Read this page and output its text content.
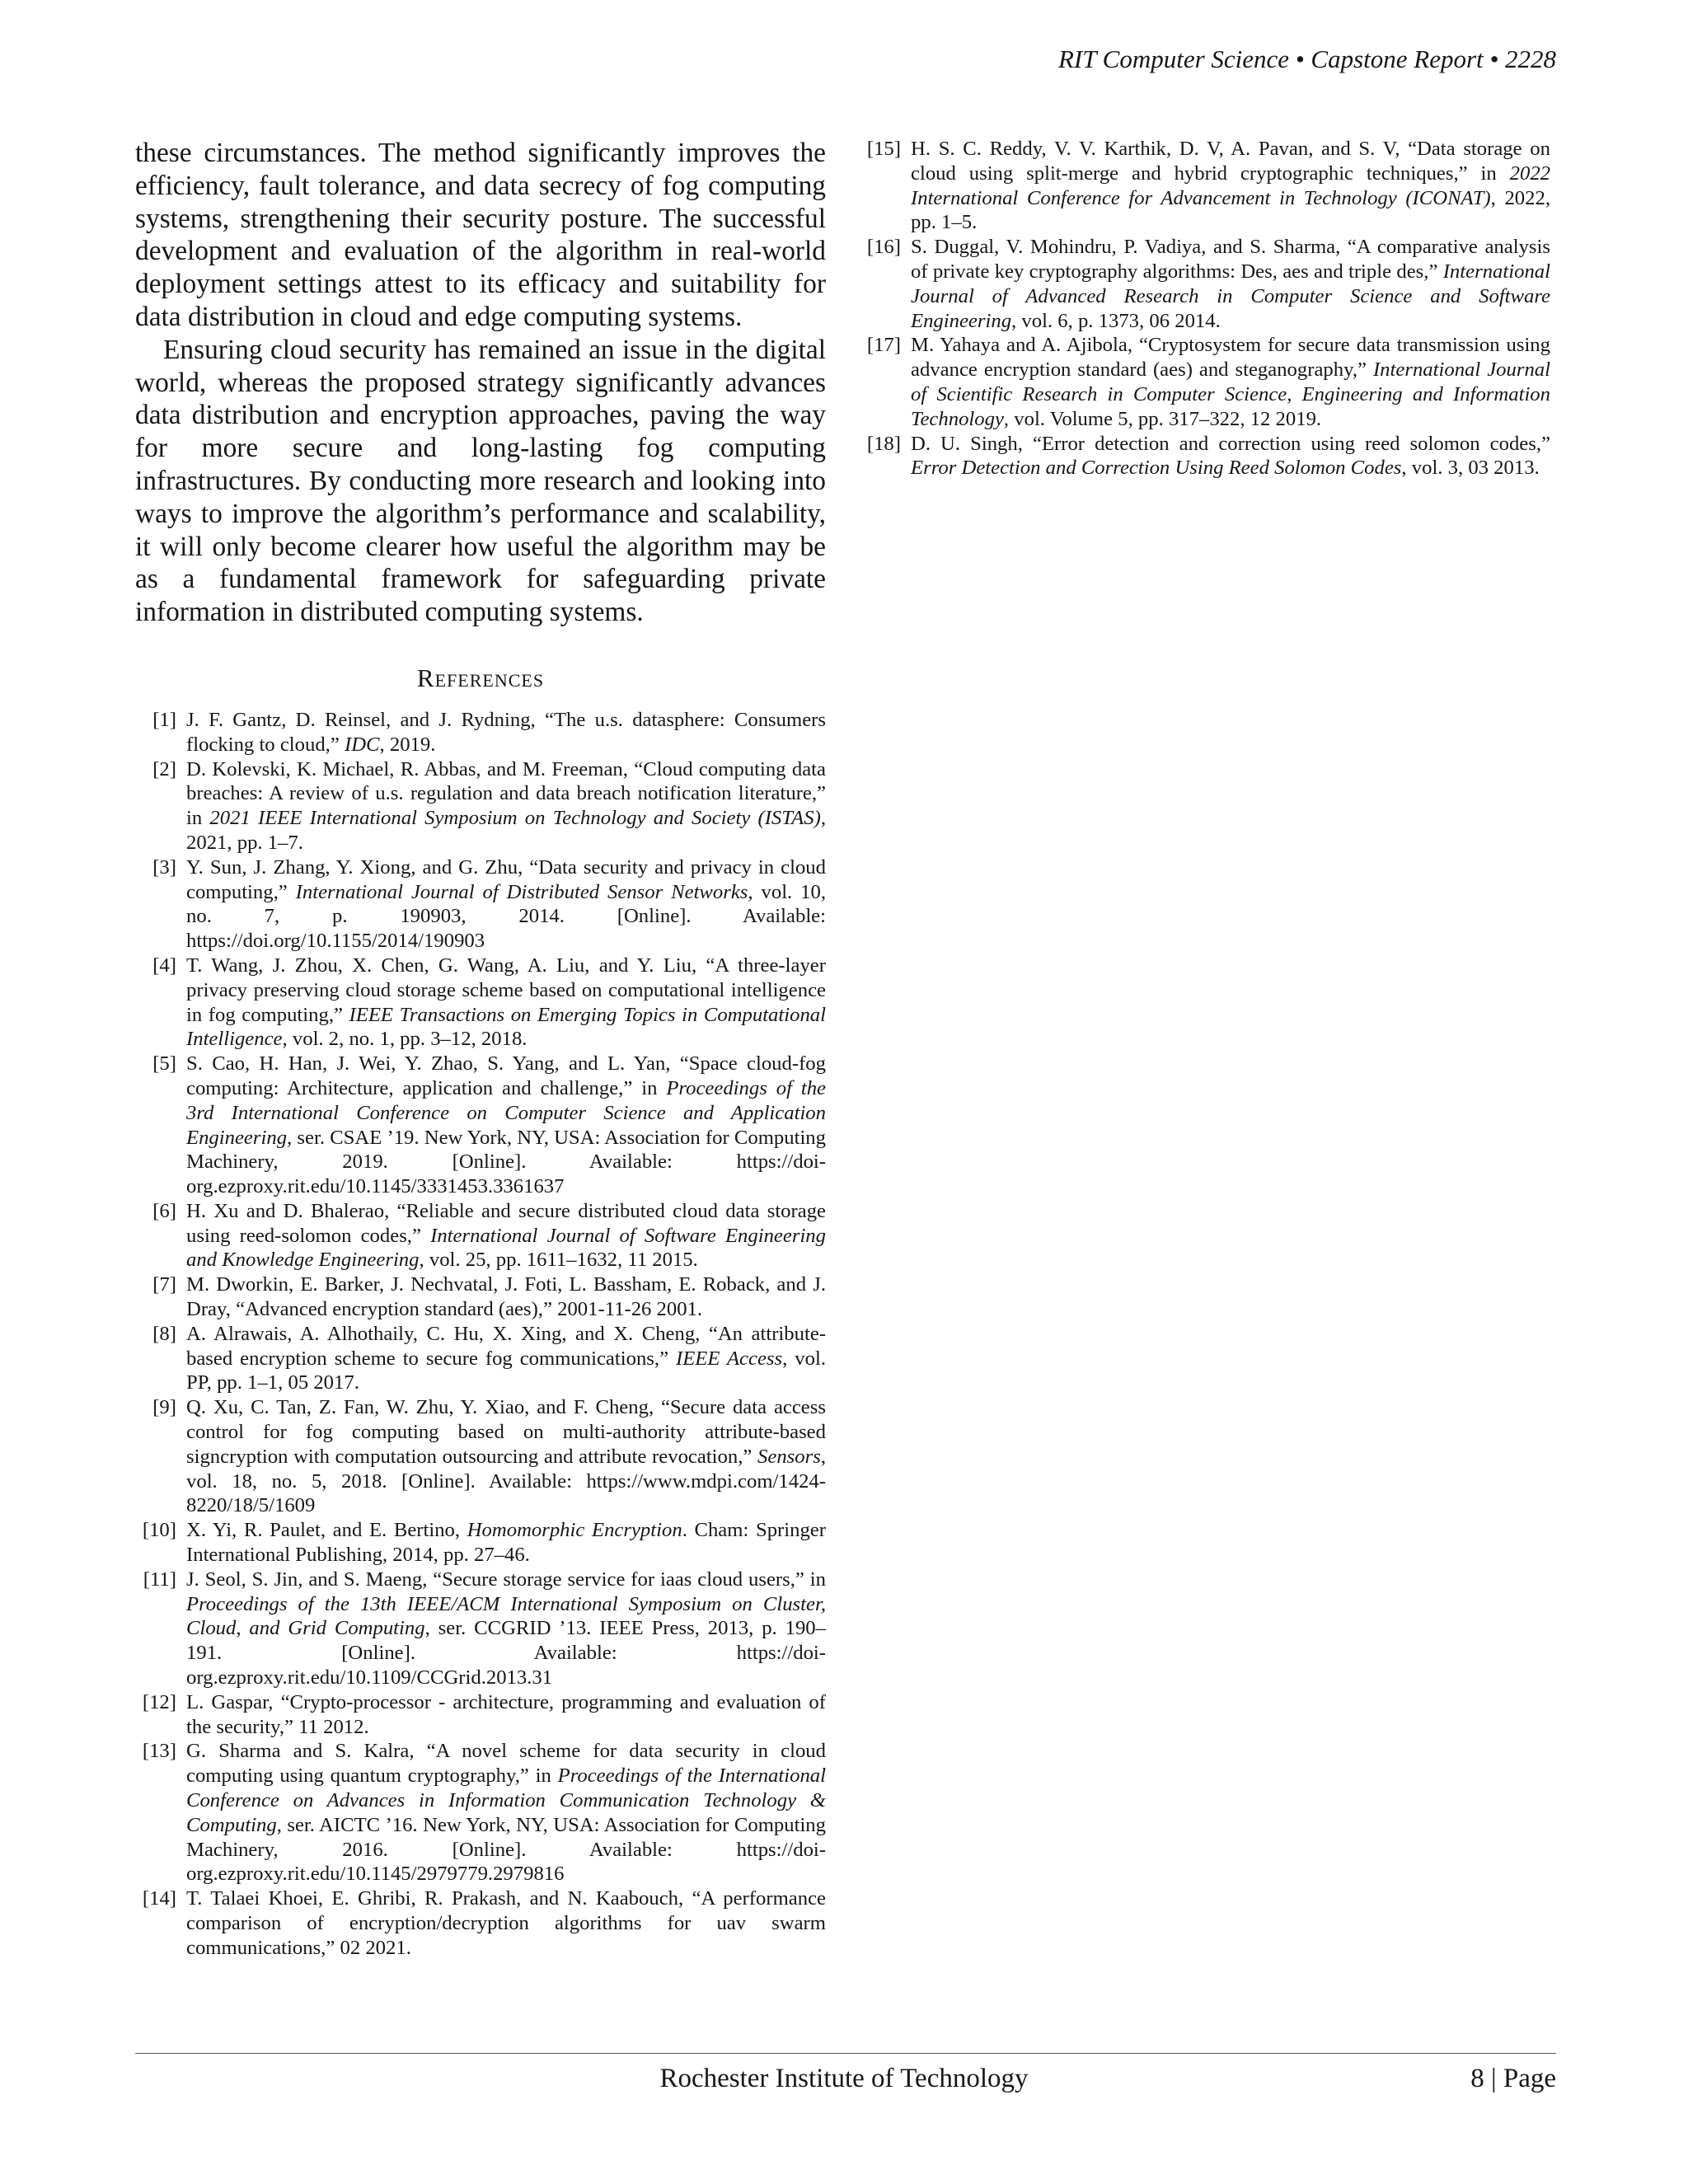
RIT Computer Science • Capstone Report • 2228

these circumstances. The method significantly improves the efficiency, fault tolerance, and data secrecy of fog computing systems, strengthening their security posture. The successful development and evaluation of the algorithm in real-world deployment settings attest to its efficacy and suitability for data distribution in cloud and edge computing systems.

Ensuring cloud security has remained an issue in the digital world, whereas the proposed strategy significantly advances data distribution and encryption approaches, paving the way for more secure and long-lasting fog computing infrastructures. By conducting more research and looking into ways to improve the algorithm’s performance and scalability, it will only become clearer how useful the algorithm may be as a fundamental framework for safeguarding private information in distributed computing systems.

References
[1] J. F. Gantz, D. Reinsel, and J. Rydning, “The u.s. datasphere: Consumers flocking to cloud,” IDC, 2019.
[2] D. Kolevski, K. Michael, R. Abbas, and M. Freeman, “Cloud computing data breaches: A review of u.s. regulation and data breach notification literature,” in 2021 IEEE International Symposium on Technology and Society (ISTAS), 2021, pp. 1–7.
[3] Y. Sun, J. Zhang, Y. Xiong, and G. Zhu, “Data security and privacy in cloud computing,” International Journal of Distributed Sensor Networks, vol. 10, no. 7, p. 190903, 2014. [Online]. Available: https://doi.org/10.1155/2014/190903
[4] T. Wang, J. Zhou, X. Chen, G. Wang, A. Liu, and Y. Liu, “A three-layer privacy preserving cloud storage scheme based on computational intelligence in fog computing,” IEEE Transactions on Emerging Topics in Computational Intelligence, vol. 2, no. 1, pp. 3–12, 2018.
[5] S. Cao, H. Han, J. Wei, Y. Zhao, S. Yang, and L. Yan, “Space cloud-fog computing: Architecture, application and challenge,” in Proceedings of the 3rd International Conference on Computer Science and Application Engineering, ser. CSAE ’19. New York, NY, USA: Association for Computing Machinery, 2019. [Online]. Available: https://doi-org.ezproxy.rit.edu/10.1145/3331453.3361637
[6] H. Xu and D. Bhalerao, “Reliable and secure distributed cloud data storage using reed-solomon codes,” International Journal of Software Engineering and Knowledge Engineering, vol. 25, pp. 1611–1632, 11 2015.
[7] M. Dworkin, E. Barker, J. Nechvatal, J. Foti, L. Bassham, E. Roback, and J. Dray, “Advanced encryption standard (aes),” 2001-11-26 2001.
[8] A. Alrawais, A. Alhothaily, C. Hu, X. Xing, and X. Cheng, “An attribute-based encryption scheme to secure fog communications,” IEEE Access, vol. PP, pp. 1–1, 05 2017.
[9] Q. Xu, C. Tan, Z. Fan, W. Zhu, Y. Xiao, and F. Cheng, “Secure data access control for fog computing based on multi-authority attribute-based signcryption with computation outsourcing and attribute revocation,” Sensors, vol. 18, no. 5, 2018. [Online]. Available: https://www.mdpi.com/1424-8220/18/5/1609
[10] X. Yi, R. Paulet, and E. Bertino, Homomorphic Encryption. Cham: Springer International Publishing, 2014, pp. 27–46.
[11] J. Seol, S. Jin, and S. Maeng, “Secure storage service for iaas cloud users,” in Proceedings of the 13th IEEE/ACM International Symposium on Cluster, Cloud, and Grid Computing, ser. CCGRID ’13. IEEE Press, 2013, p. 190–191. [Online]. Available: https://doi-org.ezproxy.rit.edu/10.1109/CCGrid.2013.31
[12] L. Gaspar, “Crypto-processor - architecture, programming and evaluation of the security,” 11 2012.
[13] G. Sharma and S. Kalra, “A novel scheme for data security in cloud computing using quantum cryptography,” in Proceedings of the International Conference on Advances in Information Communication Technology & Computing, ser. AICTC ’16. New York, NY, USA: Association for Computing Machinery, 2016. [Online]. Available: https://doi-org.ezproxy.rit.edu/10.1145/2979779.2979816
[14] T. Talaei Khoei, E. Ghribi, R. Prakash, and N. Kaabouch, “A performance comparison of encryption/decryption algorithms for uav swarm communications,” 02 2021.
[15] H. S. C. Reddy, V. V. Karthik, D. V, A. Pavan, and S. V, “Data storage on cloud using split-merge and hybrid cryptographic techniques,” in 2022 International Conference for Advancement in Technology (ICONAT), 2022, pp. 1–5.
[16] S. Duggal, V. Mohindru, P. Vadiya, and S. Sharma, “A comparative analysis of private key cryptography algorithms: Des, aes and triple des,” International Journal of Advanced Research in Computer Science and Software Engineering, vol. 6, p. 1373, 06 2014.
[17] M. Yahaya and A. Ajibola, “Cryptosystem for secure data transmission using advance encryption standard (aes) and steganography,” International Journal of Scientific Research in Computer Science, Engineering and Information Technology, vol. Volume 5, pp. 317–322, 12 2019.
[18] D. U. Singh, “Error detection and correction using reed solomon codes,” Error Detection and Correction Using Reed Solomon Codes, vol. 3, 03 2013.
Rochester Institute of Technology	8 | Page
